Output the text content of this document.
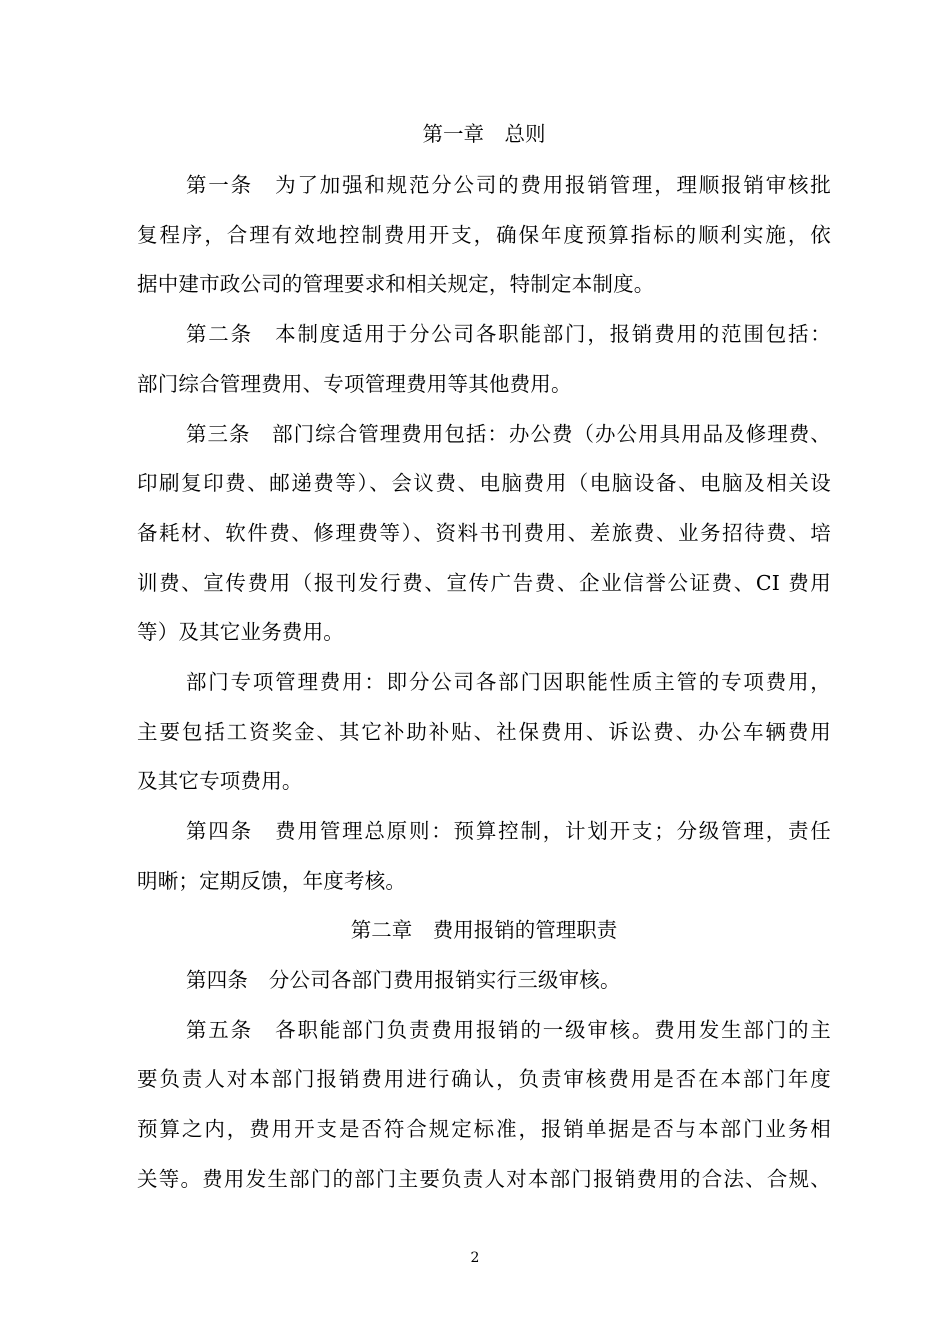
第一章　总则
第一条　为了加强和规范分公司的费用报销管理，理顺报销审核批
复程序，合理有效地控制费用开支，确保年度预算指标的顺利实施，依
据中建市政公司的管理要求和相关规定，特制定本制度。
第二条　本制度适用于分公司各职能部门，报销费用的范围包括：
部门综合管理费用、专项管理费用等其他费用。
第三条　部门综合管理费用包括：办公费（办公用具用品及修理费、
印刷复印费、邮递费等）、会议费、电脑费用（电脑设备、电脑及相关设
备耗材、软件费、修理费等）、资料书刊费用、差旅费、业务招待费、培
训费、宣传费用（报刊发行费、宣传广告费、企业信誉公证费、CI 费用
等）及其它业务费用。
部门专项管理费用：即分公司各部门因职能性质主管的专项费用，
主要包括工资奖金、其它补助补贴、社保费用、诉讼费、办公车辆费用
及其它专项费用。
第四条　费用管理总原则：预算控制，计划开支；分级管理，责任
明晰；定期反馈，年度考核。
第二章　费用报销的管理职责
第四条　分公司各部门费用报销实行三级审核。
第五条　各职能部门负责费用报销的一级审核。费用发生部门的主
要负责人对本部门报销费用进行确认，负责审核费用是否在本部门年度
预算之内，费用开支是否符合规定标准，报销单据是否与本部门业务相
关等。费用发生部门的部门主要负责人对本部门报销费用的合法、合规、
2
